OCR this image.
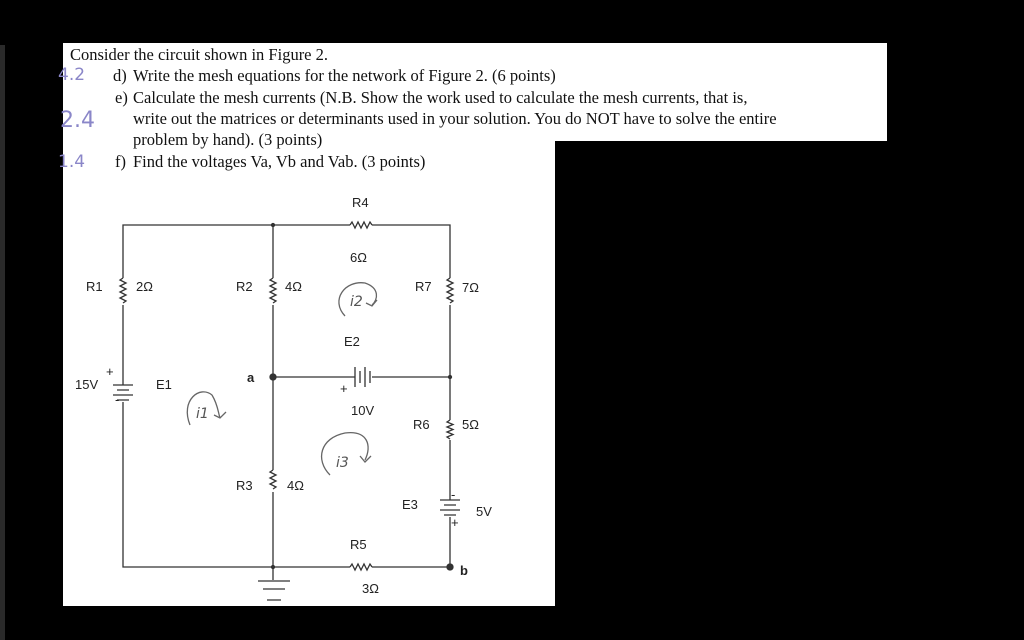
Consider the circuit shown in Figure 2.
d) Write the mesh equations for the network of Figure 2. (6 points)
e) Calculate the mesh currents (N.B. Show the work used to calculate the mesh currents, that is,
write out the matrices or determinants used in your solution. You do NOT have to solve the entire
problem by hand). (3 points)
f) Find the voltages Va, Vb and Vab. (3 points)
4.2
2.4
1.4
R1	2Ω	R2 4Ω	R7 7Ω
R4
6Ω
R6 5Ω
R3	4Ω
R5
3Ω
15V	E1
+
-
E2
10V
+
E3	5V
-
+
a
b
i1
i2
i3
